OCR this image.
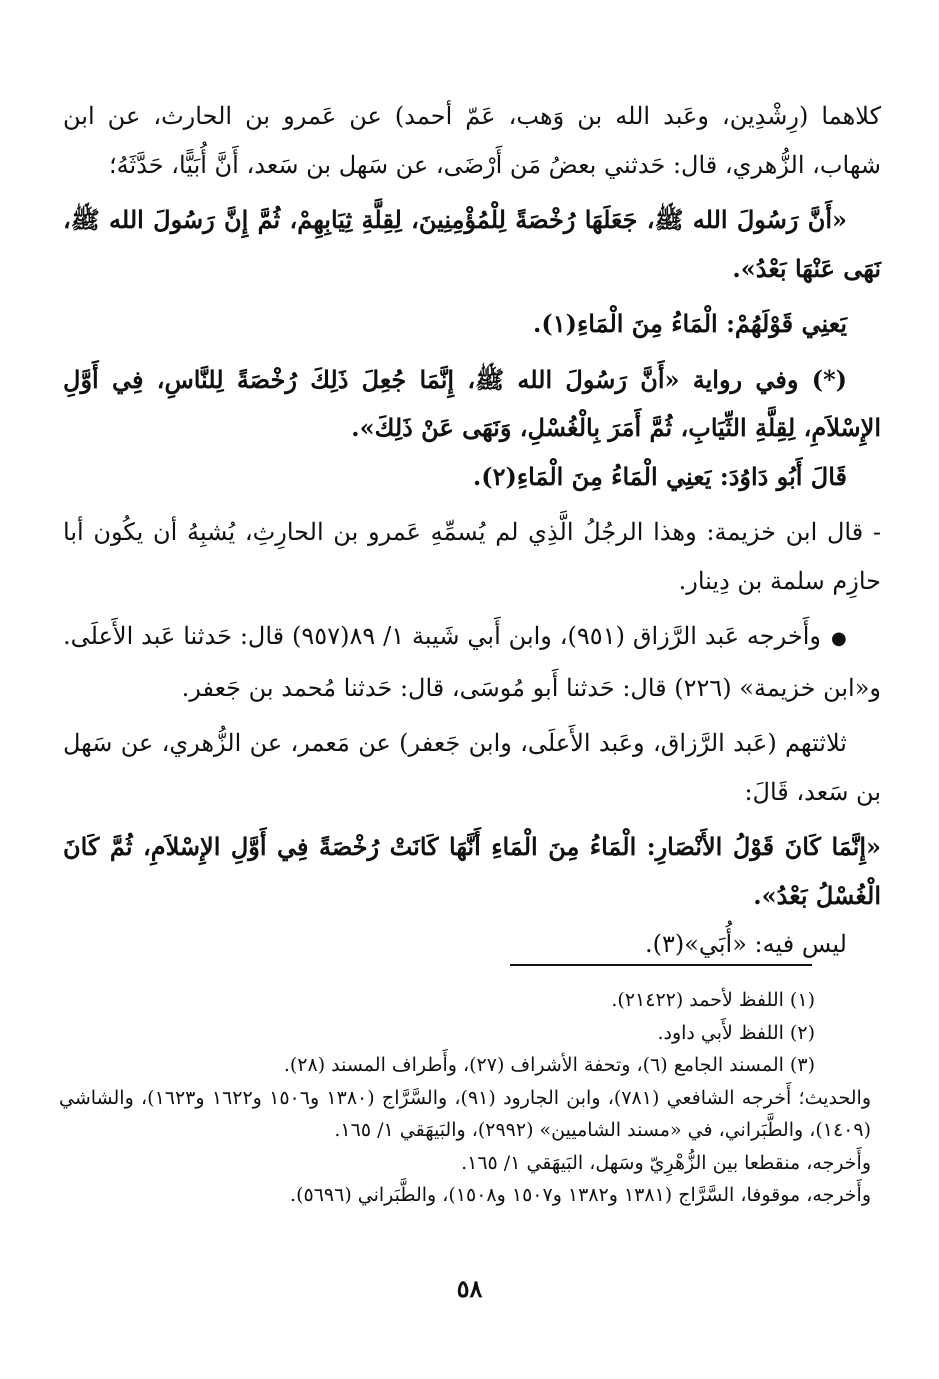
كلاهما (رِشْدِين، وعَبد الله بن وَهب، عَمّ أحمد) عن عَمرو بن الحارث، عن ابن شهاب، الزُّهري، قال: حَدثني بعضُ مَن أَرْضَى، عن سَهل بن سَعد، أَنَّ أُبَيًّا، حَدَّثَهُ؛

«أَنَّ رَسُولَ الله ﷺ، جَعَلَهَا رُخْصَةً لِلْمُؤْمِنِينَ، لِقِلَّةِ ثِيَابِهِمْ، ثُمَّ إِنَّ رَسُولَ الله ﷺ، نَهَى عَنْهَا بَعْدُ».

يَعنِي قَوْلَهُمْ: الْمَاءُ مِنَ الْمَاءِ(١).

(*) وفي رواية «أَنَّ رَسُولَ الله ﷺ، إِنَّمَا جُعِلَ ذَلِكَ رُخْصَةً لِلنَّاسِ، فِي أَوَّلِ الإِسْلاَمِ، لِقِلَّةِ الثِّيَابِ، ثُمَّ أَمَرَ بِالْغُسْلِ، وَنَهَى عَنْ ذَلِكَ».

قَالَ أَبُو دَاوُدَ: يَعنِي الْمَاءُ مِنَ الْمَاءِ(٢).

- قال ابن خزيمة: وهذا الرجُلُ الَّذِي لم يُسمِّهِ عَمرو بن الحارِثِ، يُشبِهُ أن يكُون أبا حازِم سلمة بن دِينار.

●وأَخرجه عَبد الرَّزاق (٩٥١)، وابن أَبي شَيبة ١/ ٨٩(٩٥٧) قال: حَدثنا عَبد الأَعلَى. و«ابن خزيمة» (٢٢٦) قال: حَدثنا أَبو مُوسَى، قال: حَدثنا مُحمد بن جَعفر.

ثلاثتهم (عَبد الرَّزاق، وعَبد الأَعلَى، وابن جَعفر) عن مَعمر، عن الزُّهري، عن سَهل بن سَعد، قَالَ:

«إِنَّمَا كَانَ قَوْلُ الأَنْصَارِ: الْمَاءُ مِنَ الْمَاءِ أَنَّهَا كَانَتْ رُخْصَةً فِي أَوَّلِ الإِسْلاَمِ، ثُمَّ كَانَ الْغُسْلُ بَعْدُ».

ليس فيه: «أُبَي»(٣).

(١) اللفظ لأحمد (٢١٤٢٢).

(٢) اللفظ لأَبي داود.

(٣) المسند الجامع (٦)، وتحفة الأشراف (٢٧)، وأَطراف المسند (٢٨).

والحديث؛ أَخرجه الشافعي (٧٨١)، وابن الجارود (٩١)، والسَّرَّاج (١٣٨٠ و١٥٠٦ و١٦٢٢ و١٦٢٣)، والشاشي (١٤٠٩)، والطَّبَراني، في «مسند الشاميين» (٢٩٩٢)، والبَيهَقي ١/ ١٦٥.

وأَخرجه، منقطعا بين الزُّهْرِيّ وسَهل، البَيهَقي ١/ ١٦٥.

وأَخرجه، موقوفا، السَّرَّاج (١٣٨١ و١٣٨٢ و١٥٠٧ و١٥٠٨)، والطَّبَراني (٥٦٩٦).

٥٨
